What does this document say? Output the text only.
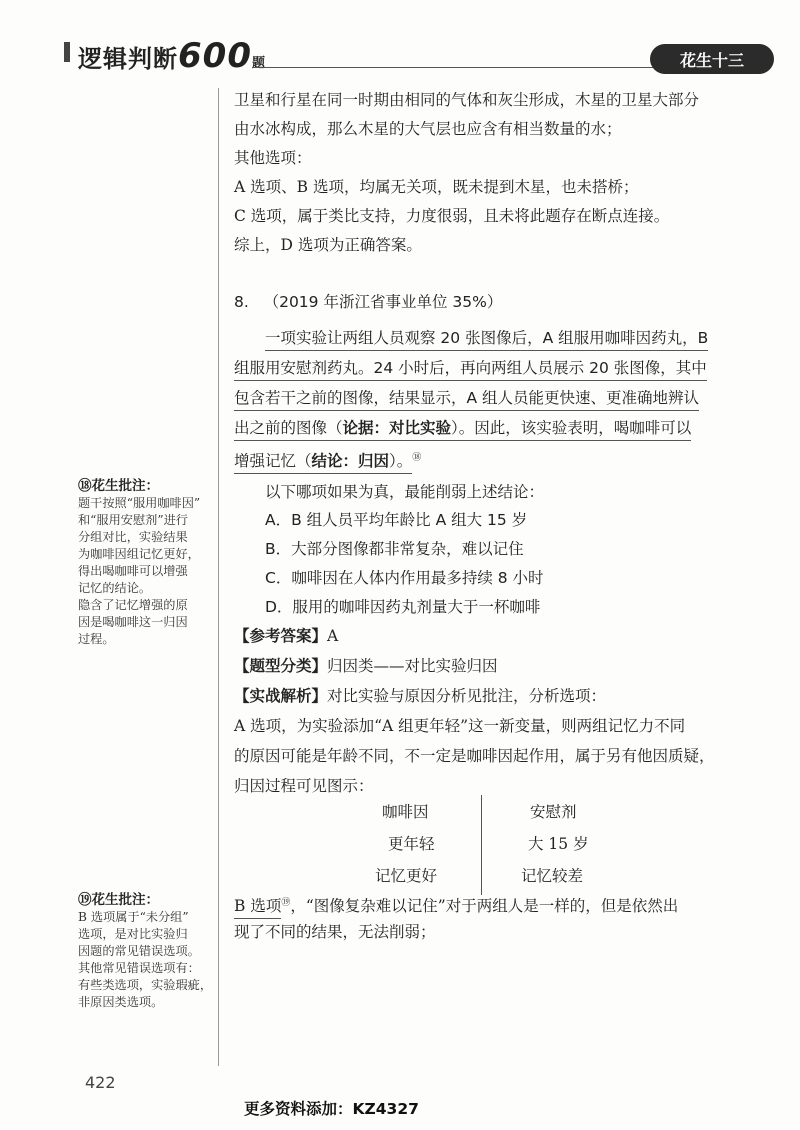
逻辑判断600题	花生十三
卫星和行星在同一时期由相同的气体和灰尘形成，木星的卫星大部分
由水冰构成，那么木星的大气层也应含有相当数量的水；
其他选项：
A 选项、B 选项，均属无关项，既未提到木星，也未搭桥；
C 选项，属于类比支持，力度很弱，且未将此题存在断点连接。
综上，D 选项为正确答案。
8. （2019 年浙江省事业单位 35%）
一项实验让两组人员观察 20 张图像后，A 组服用咖啡因药丸，B
组服用安慰剂药丸。24 小时后，再向两组人员展示 20 张图像，其中
包含若干之前的图像，结果显示，A 组人员能更快速、更准确地辨认
出之前的图像（论据：对比实验）。因此，该实验表明，喝咖啡可以
增强记忆（结论：归因）。⑱
以下哪项如果为真，最能削弱上述结论：
A．B 组人员平均年龄比 A 组大 15 岁
B．大部分图像都非常复杂，难以记住
C．咖啡因在人体内作用最多持续 8 小时
D．服用的咖啡因药丸剂量大于一杯咖啡
【参考答案】A
【题型分类】归因类——对比实验归因
【实战解析】对比实验与原因分析见批注，分析选项：
A 选项，为实验添加“A 组更年轻”这一新变量，则两组记忆力不同
的原因可能是年龄不同，不一定是咖啡因起作用，属于另有他因质疑，
归因过程可见图示：
咖啡因
更年轻
记忆更好
安慰剂
大 15 岁
记忆较差
B 选项⑲，“图像复杂难以记住”对于两组人是一样的，但是依然出
现了不同的结果，无法削弱；
⑱花生批注：
题干按照“服用咖啡因”
和“服用安慰剂”进行
分组对比，实验结果
为咖啡因组记忆更好，
得出喝咖啡可以增强
记忆的结论。
隐含了记忆增强的原
因是喝咖啡这一归因
过程。
⑲花生批注：
B 选项属于“未分组”
选项，是对比实验归
因题的常见错误选项。
其他常见错误选项有：
有些类选项，实验瑕疵，
非原因类选项。
422
更多资料添加：KZ4327
